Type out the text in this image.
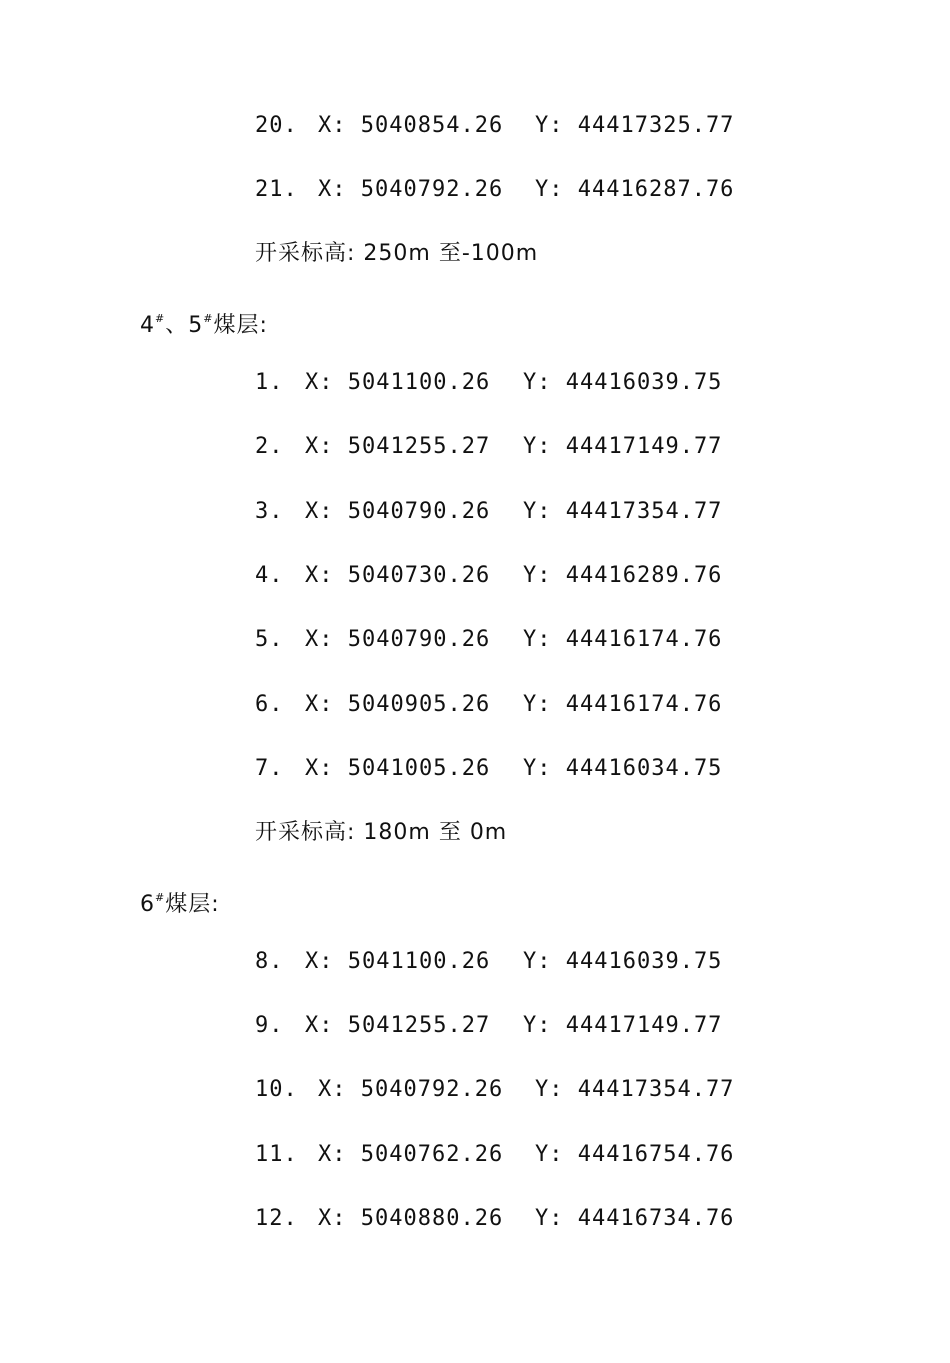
20.

X: 5040854.26

Y: 44417325.77

21.

X: 5040792.26

Y: 44416287.76

开采标高: 250m 至-100m
4#、5#煤层:

1.

X: 5041100.26

Y: 44416039.75

2.

X: 5041255.27

Y: 44417149.77

3.

X: 5040790.26

Y: 44417354.77

4.

X: 5040730.26

Y: 44416289.76

5.

X: 5040790.26

Y: 44416174.76

6.

X: 5040905.26

Y: 44416174.76

7.

X: 5041005.26

Y: 44416034.75

开采标高: 180m 至 0m
6#煤层:

8.

X: 5041100.26

Y: 44416039.75

9.

X: 5041255.27

Y: 44417149.77

10.

X: 5040792.26

Y: 44417354.77

11.

X: 5040762.26

Y: 44416754.76

12.

X: 5040880.26

Y: 44416734.76
